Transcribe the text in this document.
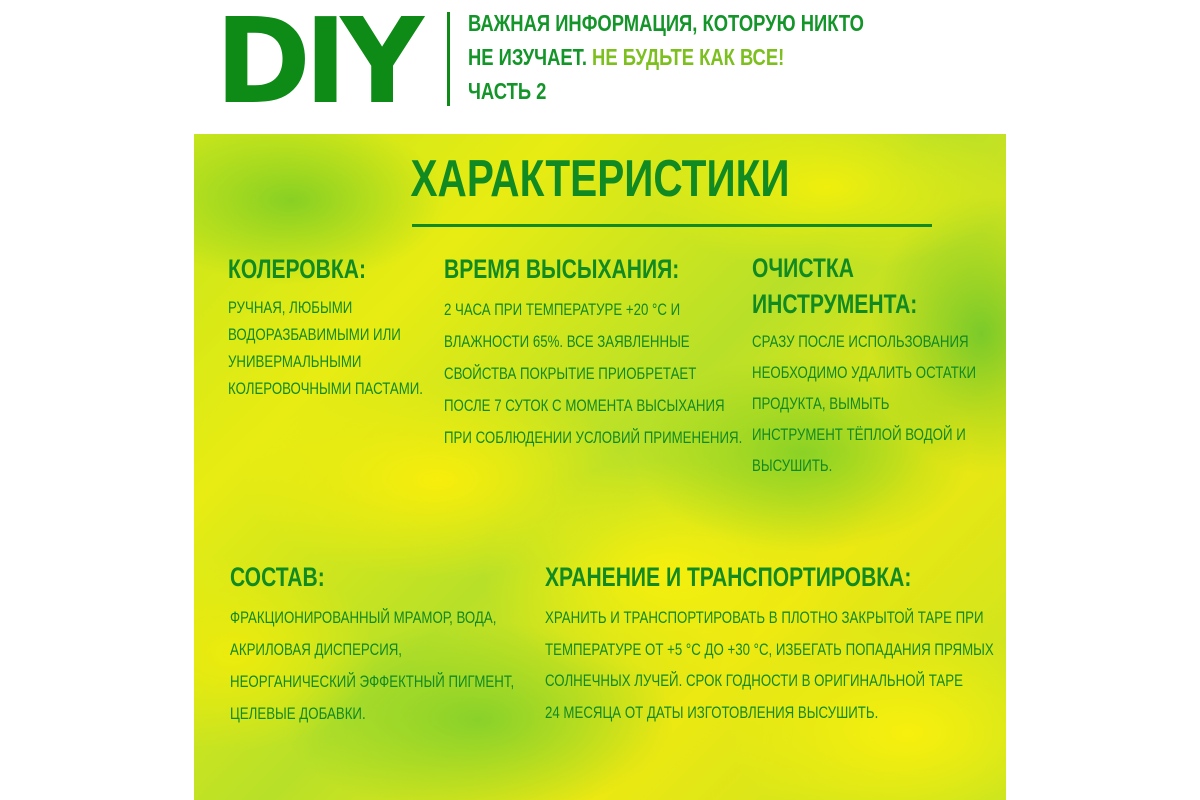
DIY ВАЖНАЯ ИНФОРМАЦИЯ, КОТОРУЮ НИКТО
НЕ ИЗУЧАЕТ. НЕ БУДЬТЕ КАК ВСЕ!
ЧАСТЬ 2
ХАРАКТЕРИСТИКИ
КОЛЕРОВКА:
РУЧНАЯ, ЛЮБЫМИ
ВОДОРАЗБАВИМЫМИ ИЛИ
УНИВЕРМАЛЬНЫМИ
КОЛЕРОВОЧНЫМИ ПАСТАМИ.
ВРЕМЯ ВЫСЫХАНИЯ:
2 ЧАСА ПРИ ТЕМПЕРАТУРЕ +20 °С И
ВЛАЖНОСТИ 65%. ВСЕ ЗАЯВЛЕННЫЕ
СВОЙСТВА ПОКРЫТИЕ ПРИОБРЕТАЕТ
ПОСЛЕ 7 СУТОК С МОМЕНТА ВЫСЫХАНИЯ
ПРИ СОБЛЮДЕНИИ УСЛОВИЙ ПРИМЕНЕНИЯ.
ОЧИСТКА
ИНСТРУМЕНТА:
СРАЗУ ПОСЛЕ ИСПОЛЬЗОВАНИЯ
НЕОБХОДИМО УДАЛИТЬ ОСТАТКИ
ПРОДУКТА, ВЫМЫТЬ
ИНСТРУМЕНТ ТЁПЛОЙ ВОДОЙ И
ВЫСУШИТЬ.
СОСТАВ:
ФРАКЦИОНИРОВАННЫЙ МРАМОР, ВОДА,
АКРИЛОВАЯ ДИСПЕРСИЯ,
НЕОРГАНИЧЕСКИЙ ЭФФЕКТНЫЙ ПИГМЕНТ,
ЦЕЛЕВЫЕ ДОБАВКИ.
ХРАНЕНИЕ И ТРАНСПОРТИРОВКА:
ХРАНИТЬ И ТРАНСПОРТИРОВАТЬ В ПЛОТНО ЗАКРЫТОЙ ТАРЕ ПРИ
ТЕМПЕРАТУРЕ ОТ +5 °С ДО +30 °С, ИЗБЕГАТЬ ПОПАДАНИЯ ПРЯМЫХ
СОЛНЕЧНЫХ ЛУЧЕЙ. СРОК ГОДНОСТИ В ОРИГИНАЛЬНОЙ ТАРЕ
24 МЕСЯЦА ОТ ДАТЫ ИЗГОТОВЛЕНИЯ ВЫСУШИТЬ.
